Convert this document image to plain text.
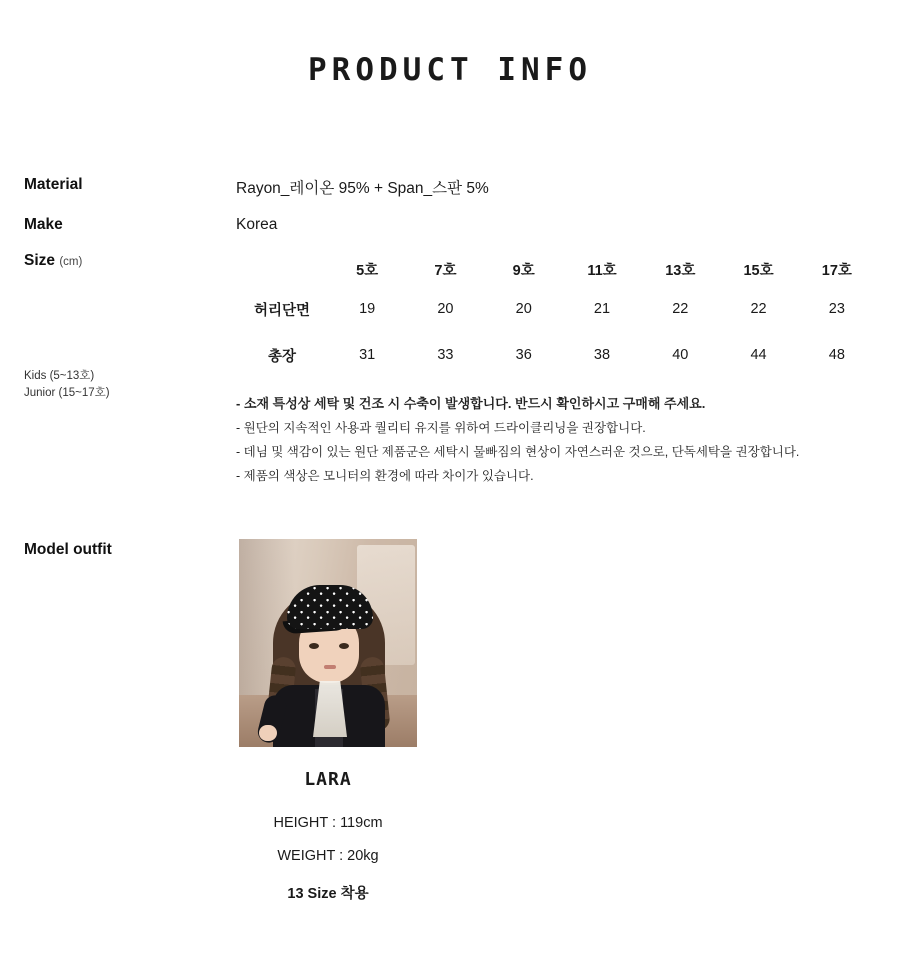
PRODUCT INFO
Material	Rayon_레이온 95% + Span_스판 5%
Make	Korea
Size (cm)
Kids (5~13호)
Junior (15~17호)
	5호	7호	9호	11호	13호	15호	17호
허리단면	19	20	20	21	22	22	23
총장	31	33	36	38	40	44	48
- 소재 특성상 세탁 및 건조 시 수축이 발생합니다. 반드시 확인하시고 구매해 주세요.
- 원단의 지속적인 사용과 퀄리티 유지를 위하여 드라이클리닝을 권장합니다.
- 데님 및 색감이 있는 원단 제품군은 세탁시 물빠짐의 현상이 자연스러운 것으로, 단독세탁을 권장합니다.
- 제품의 색상은 모니터의 환경에 따라 차이가 있습니다.
Model outfit
LARA
HEIGHT : 119cm
WEIGHT : 20kg
13 Size 착용
